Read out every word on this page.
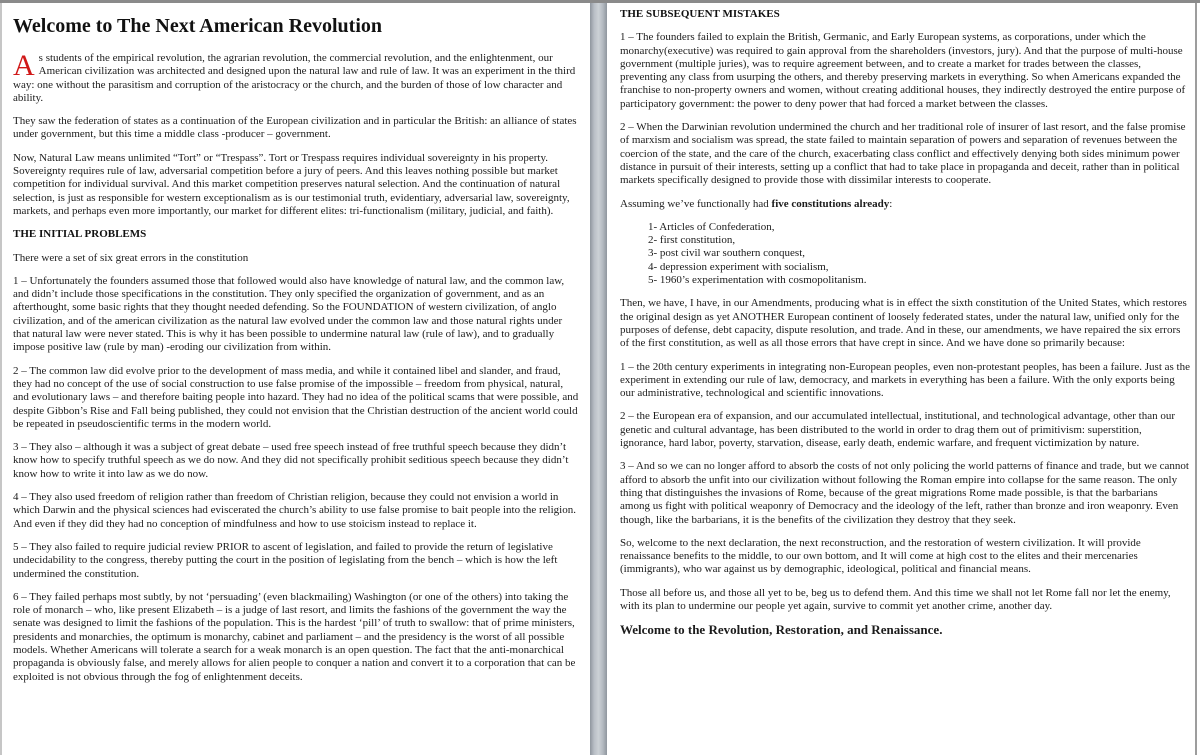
Welcome to The Next American Revolution

As students of the empirical revolution, the agrarian revolution, the commercial revolution, and the enlightenment, our American civilization was architected and designed upon the natural law and rule of law. It was an experiment in the third way: one without the parasitism and corruption of the aristocracy or the church, and the burden of those of low character and ability.

They saw the federation of states as a continuation of the European civilization and in particular the British: an alliance of states under government, but this time a middle class -producer – government.

Now, Natural Law means unlimited “Tort” or “Trespass”. Tort or Trespass requires individual sovereignty in his property. Sovereignty requires rule of law, adversarial competition before a jury of peers. And this leaves nothing possible but market competition for individual survival. And this market competition preserves natural selection. And the continuation of natural selection, is just as responsible for western exceptionalism as is our testimonial truth, evidentiary, adversarial law, sovereignty, markets, and perhaps even more importantly, our market for different elites: tri-functionalism (military, judicial, and faith).

THE INITIAL PROBLEMS

There were a set of six great errors in the constitution

1 – Unfortunately the founders assumed those that followed would also have knowledge of natural law, and the common law, and didn’t include those specifications in the constitution. They only specified the organization of government, and as an afterthought, some basic rights that they thought needed defending. So the FOUNDATION of western civilization, of anglo civilization, and of the american civilization as the natural law evolved under the common law and those natural rights under that natural law were never stated. This is why it has been possible to undermine natural law (rule of law), and to gradually impose positive law (rule by man) -eroding our civilization from within.

2 – The common law did evolve prior to the development of mass media, and while it contained libel and slander, and fraud, they had no concept of the use of social construction to use false promise of the impossible – freedom from physical, natural, and evolutionary laws – and therefore baiting people into hazard. They had no idea of the political scams that were possible, and despite Gibbon’s Rise and Fall being published, they could not envision that the Christian destruction of the ancient world could be repeated in pseudoscientific terms in the modern world.

3 – They also – although it was a subject of great debate – used free speech instead of free truthful speech because they didn’t know how to specify truthful speech as we do now. And they did not specifically prohibit seditious speech because they didn’t know how to write it into law as we do now.

4 – They also used freedom of religion rather than freedom of Christian religion, because they could not envision a world in which Darwin and the physical sciences had eviscerated the church’s ability to use false promise to bait people into the religion. And even if they did they had no conception of mindfulness and how to use stoicism instead to replace it.

5 – They also failed to require judicial review PRIOR to ascent of legislation, and failed to provide the return of legislative undecidability to the congress, thereby putting the court in the position of legislating from the bench – which is how the left undermined the constitution.

6 – They failed perhaps most subtly, by not ‘persuading’ (even blackmailing) Washington (or one of the others) into taking the role of monarch – who, like present Elizabeth – is a judge of last resort, and limits the fashions of the government the way the senate was designed to limit the fashions of the population. This is the hardest ‘pill’ of truth to swallow: that of prime ministers, presidents and monarchies, the optimum is monarchy, cabinet and parliament – and the presidency is the worst of all possible models. Whether Americans will tolerate a search for a weak monarch is an open question. The fact that the anti-monarchical propaganda is obviously false, and merely allows for alien people to conquer a nation and convert it to a corporation that can be exploited is not obvious through the fog of enlightenment deceits.

THE SUBSEQUENT MISTAKES

1 – The founders failed to explain the British, Germanic, and Early European systems, as corporations, under which the monarchy(executive) was required to gain approval from the shareholders (investors, jury). And that the purpose of multi-house government (multiple juries), was to require agreement between, and to create a market for trades between the classes, preventing any class from usurping the others, and thereby preserving markets in everything. So when Americans expanded the franchise to non-property owners and women, without creating additional houses, they indirectly destroyed the entire purpose of participatory government: the power to deny power that had forced a market between the classes.

2 – When the Darwinian revolution undermined the church and her traditional role of insurer of last resort, and the false promise of marxism and socialism was spread, the state failed to maintain separation of powers and separation of revenues between the coercion of the state, and the care of the church, exacerbating class conflict and effectively denying both sides minimum power distance in pursuit of their interests, setting up a conflict that had to take place in propaganda and deceit, rather than in political markets specifically designed to provide those with dissimilar interests to cooperate.

Assuming we’ve functionally had five constitutions already:

1- Articles of Confederation,
2- first constitution,
3- post civil war southern conquest,
4- depression experiment with socialism,
5- 1960’s experimentation with cosmopolitanism.

Then, we have, I have, in our Amendments, producing what is in effect the sixth constitution of the United States, which restores the original design as yet ANOTHER European continent of loosely federated states, under the natural law, unified only for the purposes of defense, debt capacity, dispute resolution, and trade. And in these, our amendments, we have repaired the six errors of the first constitution, as well as all those errors that have crept in since. And we have done so primarily because:

1 – the 20th century experiments in integrating non-European peoples, even non-protestant peoples, has been a failure. Just as the experiment in extending our rule of law, democracy, and markets in everything has been a failure. With the only exports being our administrative, technological and scientific innovations.

2 – the European era of expansion, and our accumulated intellectual, institutional, and technological advantage, other than our genetic and cultural advantage, has been distributed to the world in order to drag them out of primitivism: superstition, ignorance, hard labor, poverty, starvation, disease, early death, endemic warfare, and frequent victimization by nature.

3 – And so we can no longer afford to absorb the costs of not only policing the world patterns of finance and trade, but we cannot afford to absorb the unfit into our civilization without following the Roman empire into collapse for the same reason. The only thing that distinguishes the invasions of Rome, because of the great migrations Rome made possible, is that the barbarians among us fight with political weaponry of Democracy and the ideology of the left, rather than bronze and iron weaponry. Even though, like the barbarians, it is the benefits of the civilization they destroy that they seek.

So, welcome to the next declaration, the next reconstruction, and the restoration of western civilization. It will provide renaissance benefits to the middle, to our own bottom, and It will come at high cost to the elites and their mercenaries (immigrants), who war against us by demographic, ideological, political and financial means.

Those all before us, and those all yet to be, beg us to defend them. And this time we shall not let Rome fall nor let the enemy, with its plan to undermine our people yet again, survive to commit yet another crime, another day.

Welcome to the Revolution, Restoration, and Renaissance.
